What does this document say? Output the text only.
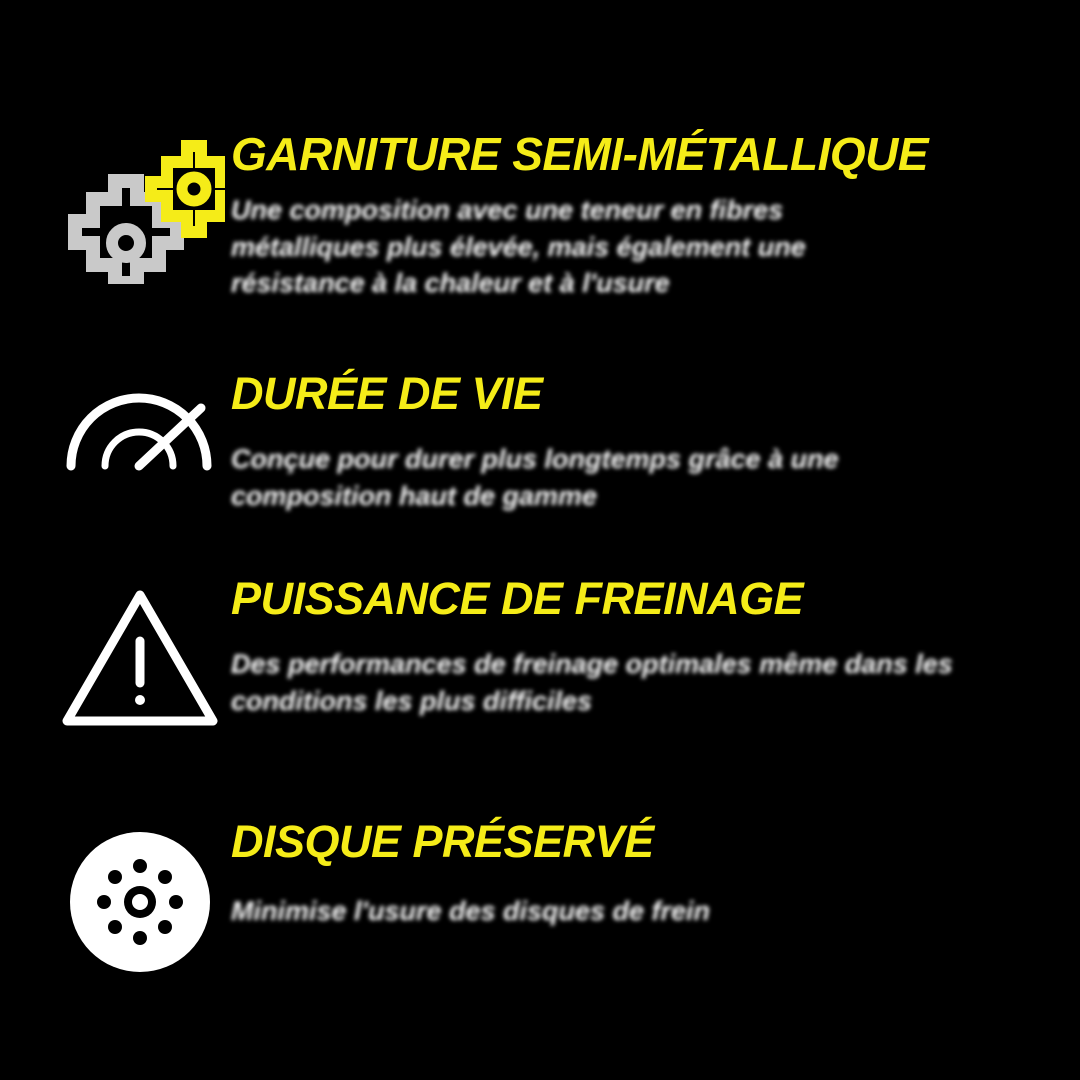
GARNITURE SEMI-MÉTALLIQUE

Une composition avec une teneur en fibres métalliques plus élevée, mais également une résistance à la chaleur et à l'usure

DURÉE DE VIE

Conçue pour durer plus longtemps grâce à une composition haut de gamme

PUISSANCE DE FREINAGE

Des performances de freinage optimales même dans les conditions les plus difficiles

DISQUE PRÉSERVÉ

Minimise l'usure des disques de frein
